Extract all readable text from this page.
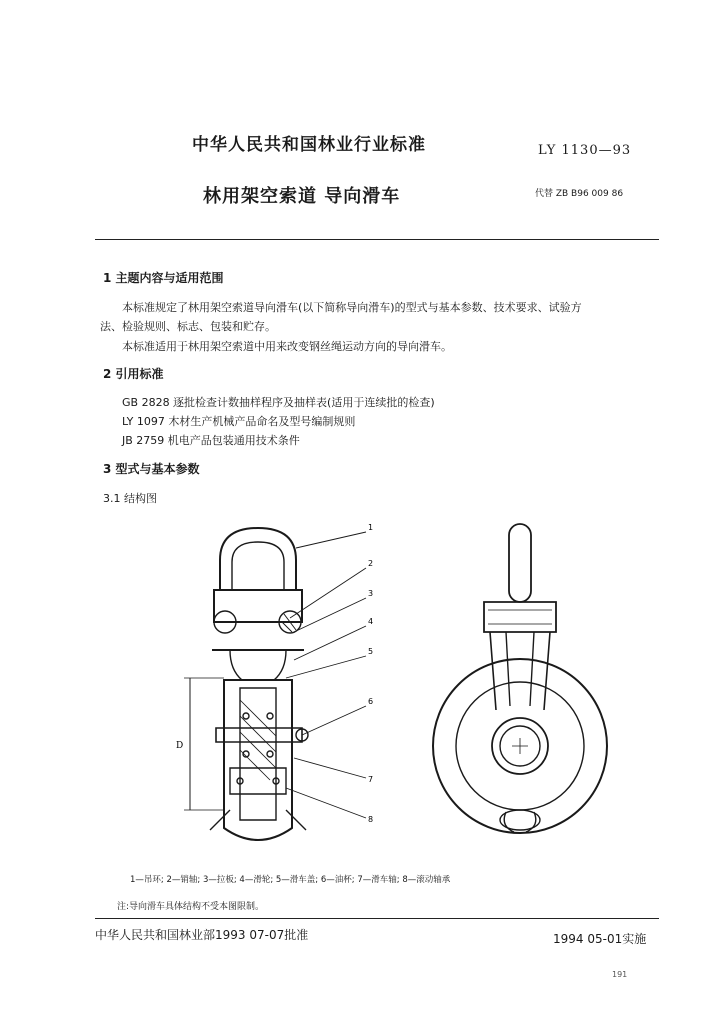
中华人民共和国林业行业标准	LY 1130—93
林用架空索道 导向滑车	代替 ZB B96 009 86
1 主题内容与适用范围
本标准规定了林用架空索道导向滑车(以下简称导向滑车)的型式与基本参数、技术要求、试验方
法、检验规则、标志、包装和贮存。
本标准适用于林用架空索道中用来改变钢丝绳运动方向的导向滑车。
2 引用标准
GB 2828 逐批检查计数抽样程序及抽样表(适用于连续批的检查)
LY 1097 木材生产机械产品命名及型号编制规则
JB 2759 机电产品包装通用技术条件
3 型式与基本参数
3.1 结构图
1
2
3
4
5
6
7
8
D
1—吊环; 2—销轴; 3—拉板; 4—滑轮; 5—滑车盖; 6—油杯; 7—滑车轴; 8—滚动轴承
注:导向滑车具体结构不受本图限制。
中华人民共和国林业部1993 07-07批准	1994 05-01实施
191
